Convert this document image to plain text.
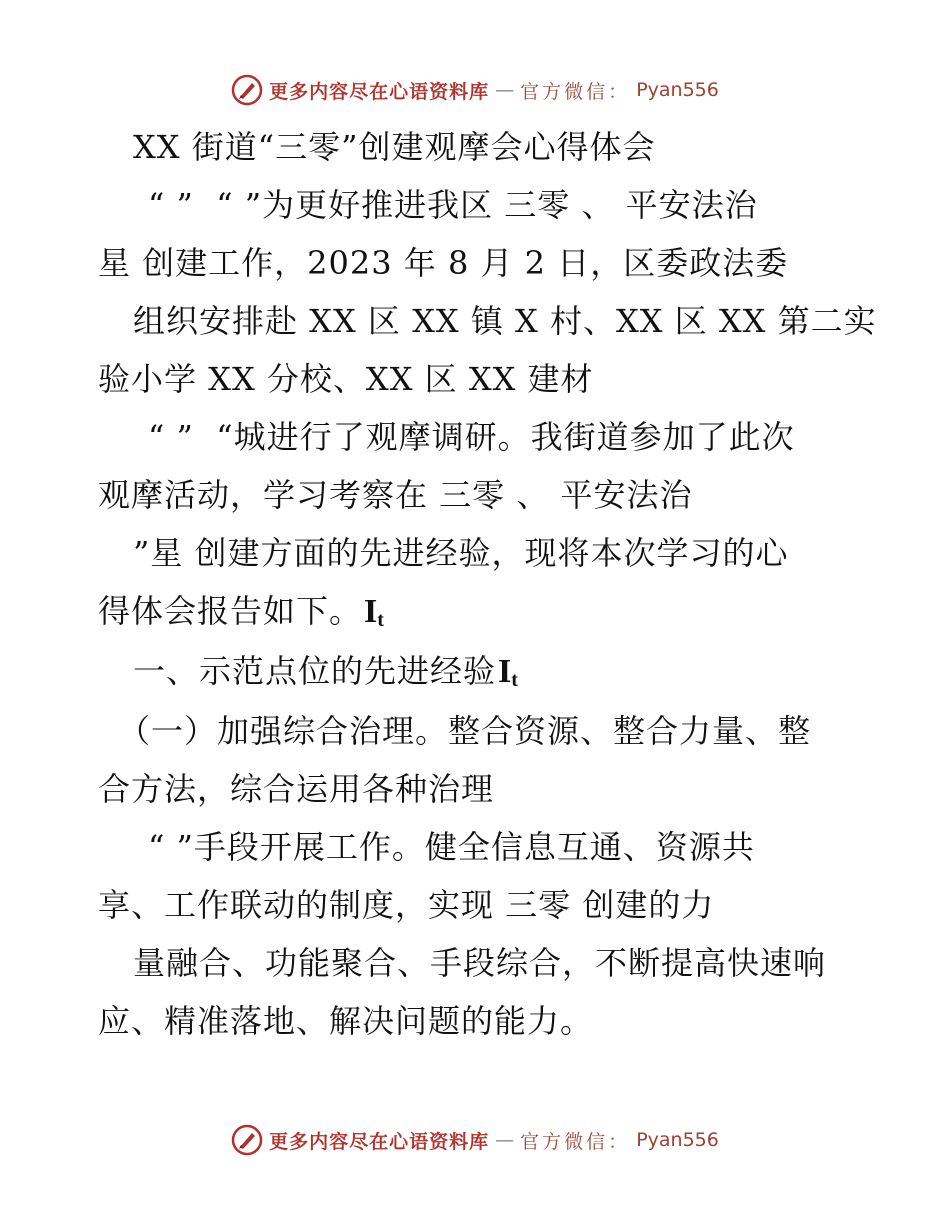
更多内容尽在心语资料库 — 官方微信： Pyan556
XX 街道“三零”创建观摩会心得体会
“ ”  “ ”为更好推进我区 三零 、 平安法治
星 创建工作，2023 年 8 月 2 日，区委政法委
组织安排赴 XX 区 XX 镇 X 村、XX 区 XX 第二实
验小学 XX 分校、XX 区 XX 建材
“ ”  “城进行了观摩调研。我街道参加了此次
观摩活动，学习考察在 三零 、 平安法治
”星 创建方面的先进经验，现将本次学习的心
得体会报告如下。$I_t$
一、示范点位的先进经验$I_t$
（一）加强综合治理。整合资源、整合力量、整
合方法，综合运用各种治理
“ ”手段开展工作。健全信息互通、资源共
享、工作联动的制度，实现 三零 创建的力
量融合、功能聚合、手段综合，不断提高快速响
应、精准落地、解决问题的能力。
更多内容尽在心语资料库 — 官方微信： Pyan556
